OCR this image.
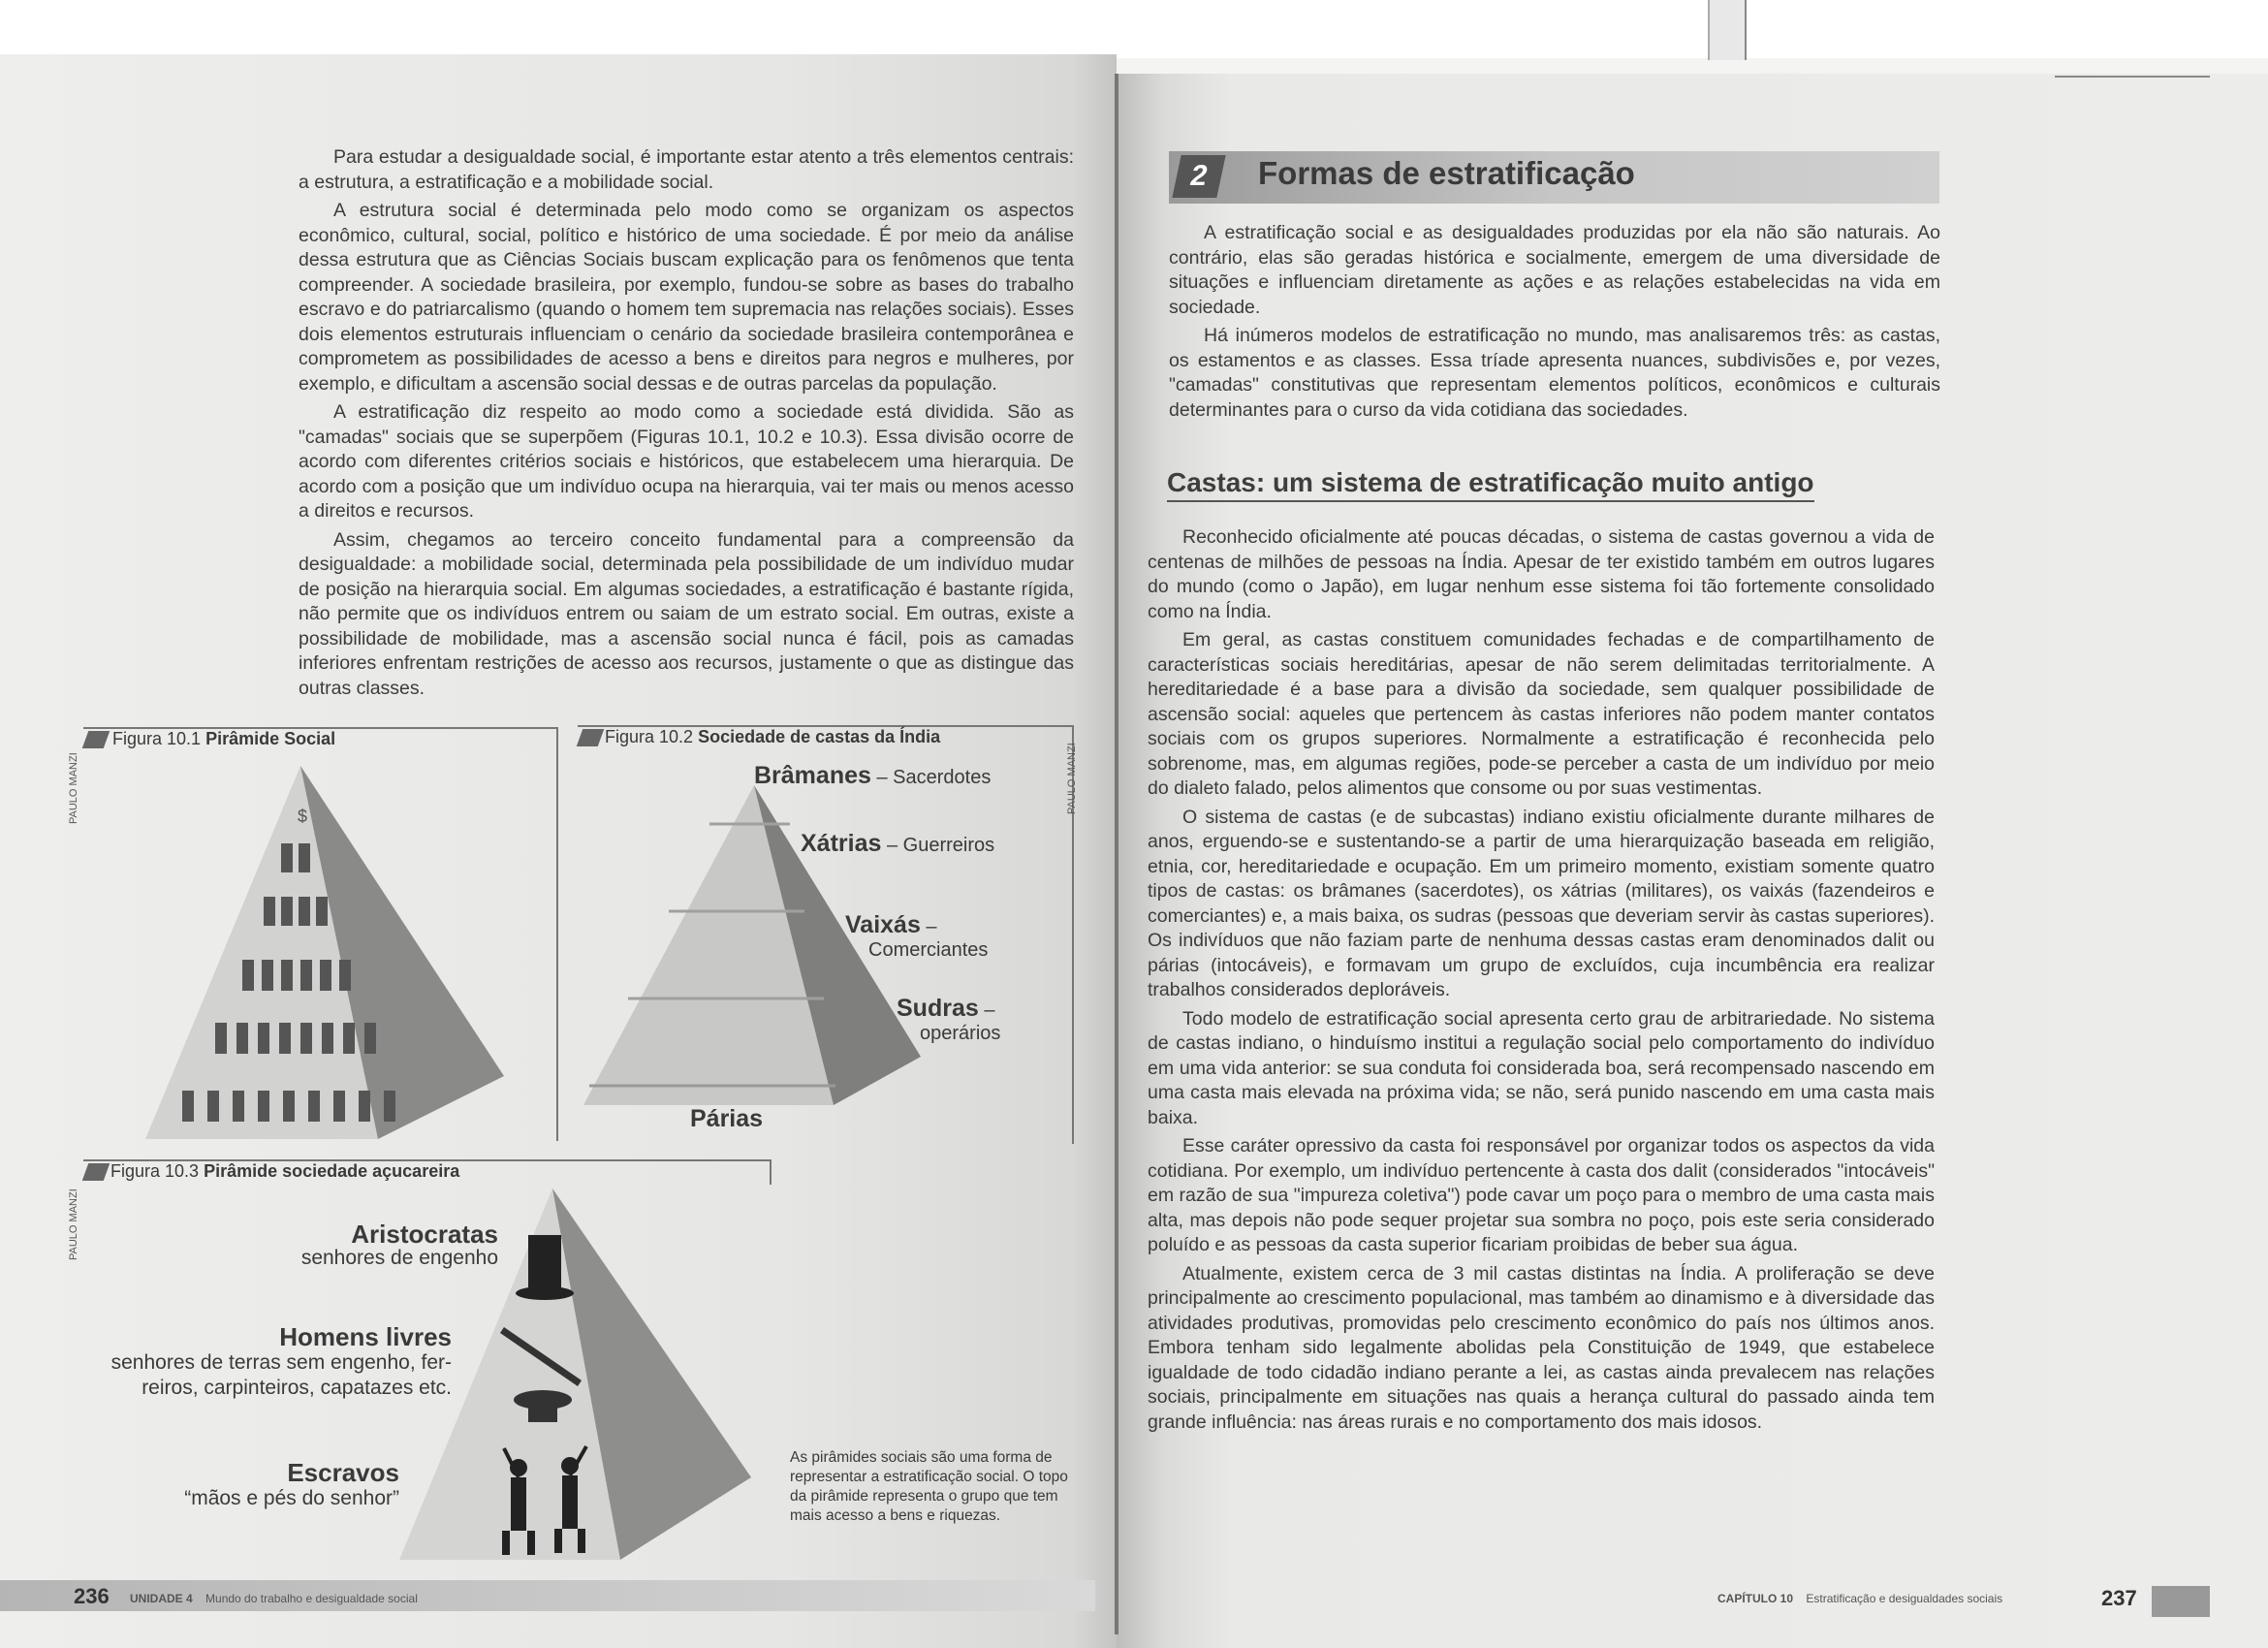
Para estudar a desigualdade social, é importante estar atento a três elementos centrais: a estrutura, a estratificação e a mobilidade social.

A estrutura social é determinada pelo modo como se organizam os aspectos econômico, cultural, social, político e histórico de uma sociedade. É por meio da análise dessa estrutura que as Ciências Sociais buscam explicação para os fenômenos que tenta compreender. A sociedade brasileira, por exemplo, fundou-se sobre as bases do trabalho escravo e do patriarcalismo (quando o homem tem supremacia nas relações sociais). Esses dois elementos estruturais influenciam o cenário da sociedade brasileira contemporânea e comprometem as possibilidades de acesso a bens e direitos para negros e mulheres, por exemplo, e dificultam a ascensão social dessas e de outras parcelas da população.

A estratificação diz respeito ao modo como a sociedade está dividida. São as "camadas" sociais que se superpõem (Figuras 10.1, 10.2 e 10.3). Essa divisão ocorre de acordo com diferentes critérios sociais e históricos, que estabelecem uma hierarquia. De acordo com a posição que um indivíduo ocupa na hierarquia, vai ter mais ou menos acesso a direitos e recursos.

Assim, chegamos ao terceiro conceito fundamental para a compreensão da desigualdade: a mobilidade social, determinada pela possibilidade de um indivíduo mudar de posição na hierarquia social. Em algumas sociedades, a estratificação é bastante rígida, não permite que os indivíduos entrem ou saiam de um estrato social. Em outras, existe a possibilidade de mobilidade, mas a ascensão social nunca é fácil, pois as camadas inferiores enfrentam restrições de acesso aos recursos, justamente o que as distingue das outras classes.

Figura 10.1 Pirâmide Social
PAULO MANZI	$
Figura 10.2 Sociedade de castas da Índia
PAULO MANZI
Brâmanes – Sacerdotes
Xátrias – Guerreiros
Vaixás –
Comerciantes
Sudras –
operários
Párias
Figura 10.3 Pirâmide sociedade açucareira
PAULO MANZI	Aristocratas
senhores de engenho
Homens livres
senhores de terras sem engenho, fer-
reiros, carpinteiros, capatazes etc.
Escravos
“mãos e pés do senhor”
As pirâmides sociais são uma forma de representar a estratificação social. O topo da pirâmide representa o grupo que tem mais acesso a bens e riquezas.
236 UNIDADE 4 Mundo do trabalho e desigualdade social
2	Formas de estratificação

A estratificação social e as desigualdades produzidas por ela não são naturais. Ao contrário, elas são geradas histórica e socialmente, emergem de uma diversidade de situações e influenciam diretamente as ações e as relações estabelecidas na vida em sociedade.

Há inúmeros modelos de estratificação no mundo, mas analisaremos três: as castas, os estamentos e as classes. Essa tríade apresenta nuances, subdivisões e, por vezes, "camadas" constitutivas que representam elementos políticos, econômicos e culturais determinantes para o curso da vida cotidiana das sociedades.

Castas: um sistema de estratificação muito antigo

Reconhecido oficialmente até poucas décadas, o sistema de castas governou a vida de centenas de milhões de pessoas na Índia. Apesar de ter existido também em outros lugares do mundo (como o Japão), em lugar nenhum esse sistema foi tão fortemente consolidado como na Índia.

Em geral, as castas constituem comunidades fechadas e de compartilhamento de características sociais hereditárias, apesar de não serem delimitadas territorialmente. A hereditariedade é a base para a divisão da sociedade, sem qualquer possibilidade de ascensão social: aqueles que pertencem às castas inferiores não podem manter contatos sociais com os grupos superiores. Normalmente a estratificação é reconhecida pelo sobrenome, mas, em algumas regiões, pode-se perceber a casta de um indivíduo por meio do dialeto falado, pelos alimentos que consome ou por suas vestimentas.

O sistema de castas (e de subcastas) indiano existiu oficialmente durante milhares de anos, erguendo-se e sustentando-se a partir de uma hierarquização baseada em religião, etnia, cor, hereditariedade e ocupação. Em um primeiro momento, existiam somente quatro tipos de castas: os brâmanes (sacerdotes), os xátrias (militares), os vaixás (fazendeiros e comerciantes) e, a mais baixa, os sudras (pessoas que deveriam servir às castas superiores). Os indivíduos que não faziam parte de nenhuma dessas castas eram denominados dalit ou párias (intocáveis), e formavam um grupo de excluídos, cuja incumbência era realizar trabalhos considerados deploráveis.

Todo modelo de estratificação social apresenta certo grau de arbitrariedade. No sistema de castas indiano, o hinduísmo institui a regulação social pelo comportamento do indivíduo em uma vida anterior: se sua conduta foi considerada boa, será recompensado nascendo em uma casta mais elevada na próxima vida; se não, será punido nascendo em uma casta mais baixa.

Esse caráter opressivo da casta foi responsável por organizar todos os aspectos da vida cotidiana. Por exemplo, um indivíduo pertencente à casta dos dalit (considerados "intocáveis" em razão de sua "impureza coletiva") pode cavar um poço para o membro de uma casta mais alta, mas depois não pode sequer projetar sua sombra no poço, pois este seria considerado poluído e as pessoas da casta superior ficariam proibidas de beber sua água.

Atualmente, existem cerca de 3 mil castas distintas na Índia. A proliferação se deve principalmente ao crescimento populacional, mas também ao dinamismo e à diversidade das atividades produtivas, promovidas pelo crescimento econômico do país nos últimos anos. Embora tenham sido legalmente abolidas pela Constituição de 1949, que estabelece igualdade de todo cidadão indiano perante a lei, as castas ainda prevalecem nas relações sociais, principalmente em situações nas quais a herança cultural do passado ainda tem grande influência: nas áreas rurais e no comportamento dos mais idosos.

CAPÍTULO 10 Estratificação e desigualdades sociais	237
